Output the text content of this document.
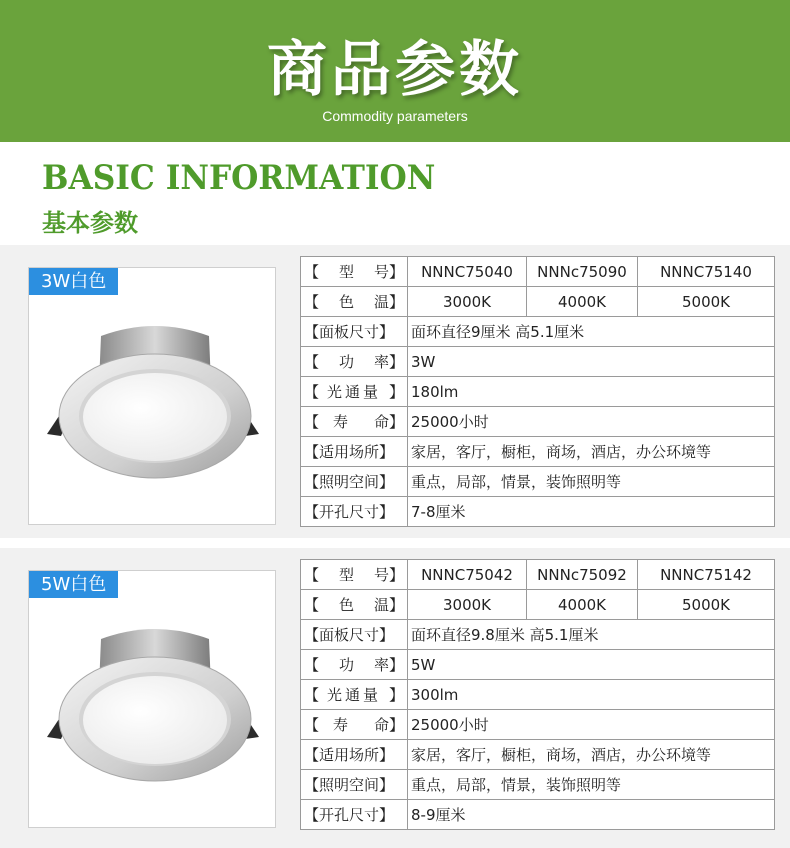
商品参数
Commodity parameters
BASIC INFORMATION
基本参数
3W白色	【 型 号】	NNNC75040	NNNc75090	NNNC75140

【 色 温】	3000K	4000K	5000K

【面板尺寸】	面环直径9厘米 高5.1厘米		

【 功 率】	3W		

【 光通量 】	180lm		

【 寿 命】	25000小时		

【适用场所】	家居，客厅，橱柜，商场，酒店，办公环境等		

【照明空间】	重点，局部，情景，装饰照明等		

【开孔尺寸】	7-8厘米		
5W白色	【 型 号】	NNNC75042	NNNc75092	NNNC75142

【 色 温】	3000K	4000K	5000K

【面板尺寸】	面环直径9.8厘米 高5.1厘米		

【 功 率】	5W		

【 光通量 】	300lm		

【 寿 命】	25000小时		

【适用场所】	家居，客厅，橱柜，商场，酒店，办公环境等		

【照明空间】	重点，局部，情景，装饰照明等		

【开孔尺寸】	8-9厘米		
